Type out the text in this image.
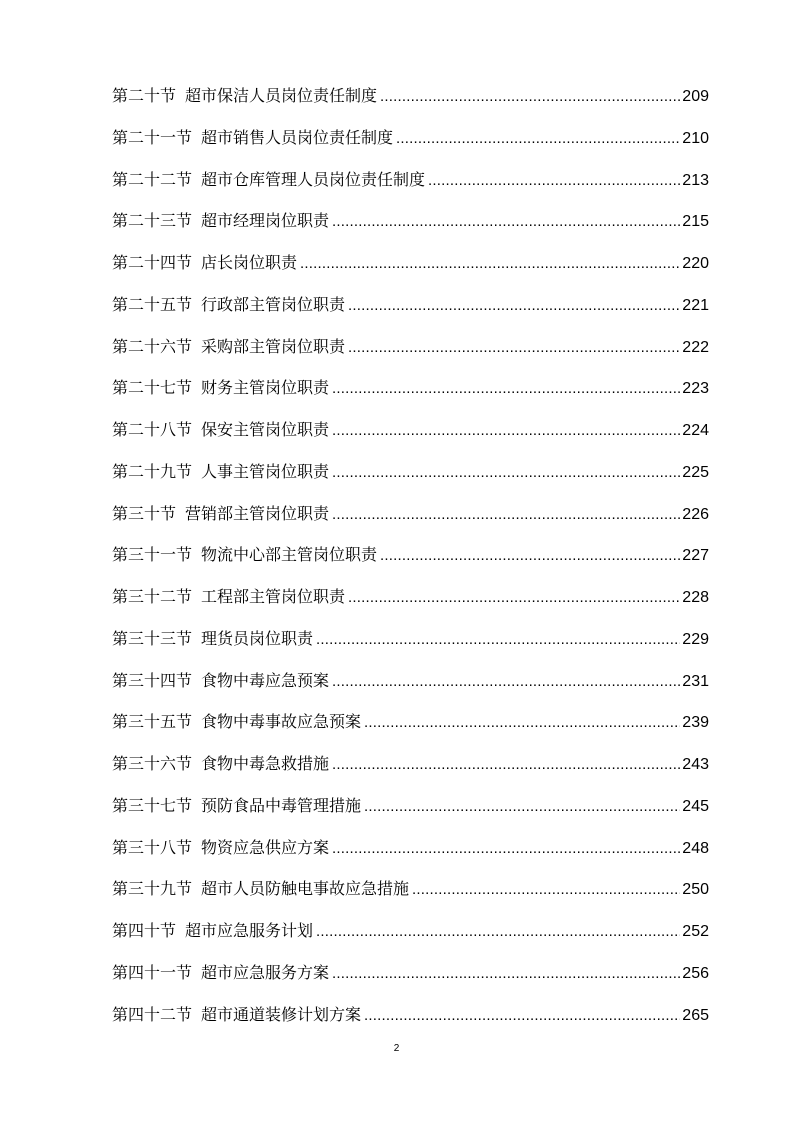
第二十节 超市保洁人员岗位责任制度 .....	209
第二十一节 超市销售人员岗位责任制度 .....	210
第二十二节 超市仓库管理人员岗位责任制度 .....	213
第二十三节 超市经理岗位职责 .....	215
第二十四节 店长岗位职责 .....	220
第二十五节 行政部主管岗位职责 .....	221
第二十六节 采购部主管岗位职责 .....	222
第二十七节 财务主管岗位职责 .....	223
第二十八节 保安主管岗位职责 .....	224
第二十九节 人事主管岗位职责 .....	225
第三十节 营销部主管岗位职责 .....	226
第三十一节 物流中心部主管岗位职责 .....	227
第三十二节 工程部主管岗位职责 .....	228
第三十三节 理货员岗位职责 .....	229
第三十四节 食物中毒应急预案 .....	231
第三十五节 食物中毒事故应急预案 .....	239
第三十六节 食物中毒急救措施 .....	243
第三十七节 预防食品中毒管理措施 .....	245
第三十八节 物资应急供应方案 .....	248
第三十九节 超市人员防触电事故应急措施 .....	250
第四十节 超市应急服务计划 .....	252
第四十一节 超市应急服务方案 .....	256
第四十二节 超市通道装修计划方案 .....	265
2
